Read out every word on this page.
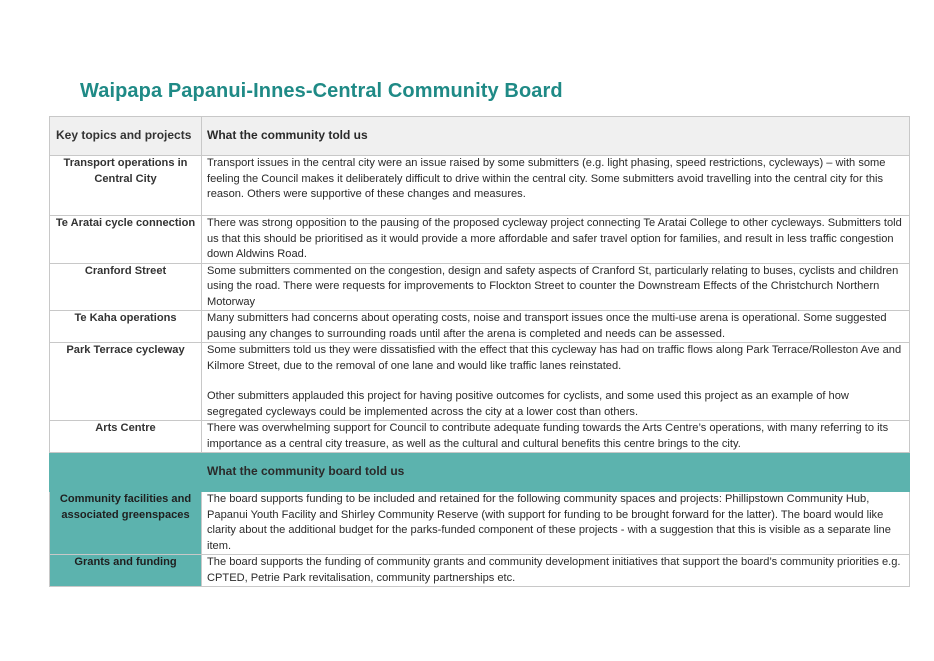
Waipapa Papanui-Innes-Central Community Board
Key topics and projects	What the community told us
Transport operations in Central City	Transport issues in the central city were an issue raised by some submitters (e.g. light phasing, speed restrictions, cycleways) – with some feeling the Council makes it deliberately difficult to drive within the central city. Some submitters avoid travelling into the central city for this reason. Others were supportive of these changes and measures.
Te Aratai cycle connection	There was strong opposition to the pausing of the proposed cycleway project connecting Te Aratai College to other cycleways. Submitters told us that this should be prioritised as it would provide a more affordable and safer travel option for families, and result in less traffic congestion down Aldwins Road.
Cranford Street	Some submitters commented on the congestion, design and safety aspects of Cranford St, particularly relating to buses, cyclists and children using the road. There were requests for improvements to Flockton Street to counter the Downstream Effects of the Christchurch Northern Motorway
Te Kaha operations	Many submitters had concerns about operating costs, noise and transport issues once the multi-use arena is operational. Some suggested pausing any changes to surrounding roads until after the arena is completed and needs can be assessed.
Park Terrace cycleway	Some submitters told us they were dissatisfied with the effect that this cycleway has had on traffic flows along Park Terrace/Rolleston Ave and Kilmore Street, due to the removal of one lane and would like traffic lanes reinstated.
Other submitters applauded this project for having positive outcomes for cyclists, and some used this project as an example of how segregated cycleways could be implemented across the city at a lower cost than others.

Arts Centre	There was overwhelming support for Council to contribute adequate funding towards the Arts Centre’s operations, with many referring to its importance as a central city treasure, as well as the cultural and cultural benefits this centre brings to the city.
	What the community board told us
Community facilities and associated greenspaces	The board supports funding to be included and retained for the following community spaces and projects: Phillipstown Community Hub, Papanui Youth Facility and Shirley Community Reserve (with support for funding to be brought forward for the latter). The board would like clarity about the additional budget for the parks-funded component of these projects - with a suggestion that this is visible as a separate line item.
Grants and funding	The board supports the funding of community grants and community development initiatives that support the board’s community priorities e.g. CPTED, Petrie Park revitalisation, community partnerships etc.
